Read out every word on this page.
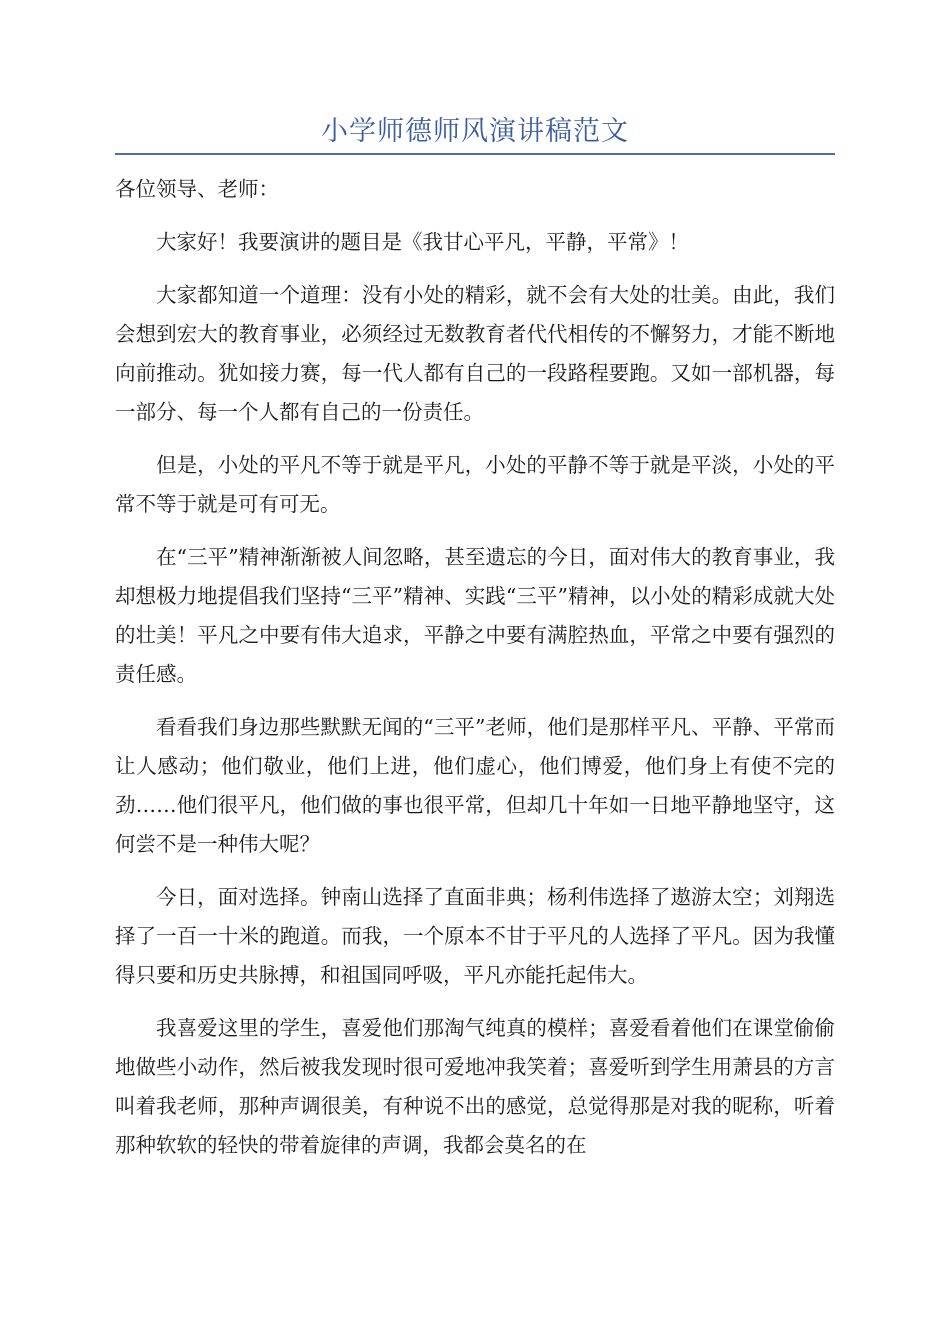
小学师德师风演讲稿范文

各位领导、老师：

大家好！我要演讲的题目是《我甘心平凡，平静，平常》！

大家都知道一个道理：没有小处的精彩，就不会有大处的壮美。由此，我们会想到宏大的教育事业，必须经过无数教育者代代相传的不懈努力，才能不断地向前推动。犹如接力赛，每一代人都有自己的一段路程要跑。又如一部机器，每一部分、每一个人都有自己的一份责任。

但是，小处的平凡不等于就是平凡，小处的平静不等于就是平淡，小处的平常不等于就是可有可无。

在“三平”精神渐渐被人间忽略，甚至遗忘的今日，面对伟大的教育事业，我却想极力地提倡我们坚持“三平”精神、实践“三平”精神，以小处的精彩成就大处的壮美！平凡之中要有伟大追求，平静之中要有满腔热血，平常之中要有强烈的责任感。

看看我们身边那些默默无闻的“三平”老师，他们是那样平凡、平静、平常而让人感动；他们敬业，他们上进，他们虚心，他们博爱，他们身上有使不完的劲……他们很平凡，他们做的事也很平常，但却几十年如一日地平静地坚守，这何尝不是一种伟大呢？

今日，面对选择。钟南山选择了直面非典；杨利伟选择了遨游太空；刘翔选择了一百一十米的跑道。而我，一个原本不甘于平凡的人选择了平凡。因为我懂得只要和历史共脉搏，和祖国同呼吸，平凡亦能托起伟大。

我喜爱这里的学生，喜爱他们那淘气纯真的模样；喜爱看着他们在课堂偷偷地做些小动作，然后被我发现时很可爱地冲我笑着；喜爱听到学生用萧县的方言叫着我老师，那种声调很美，有种说不出的感觉，总觉得那是对我的昵称，听着那种软软的轻快的带着旋律的声调，我都会莫名的在
